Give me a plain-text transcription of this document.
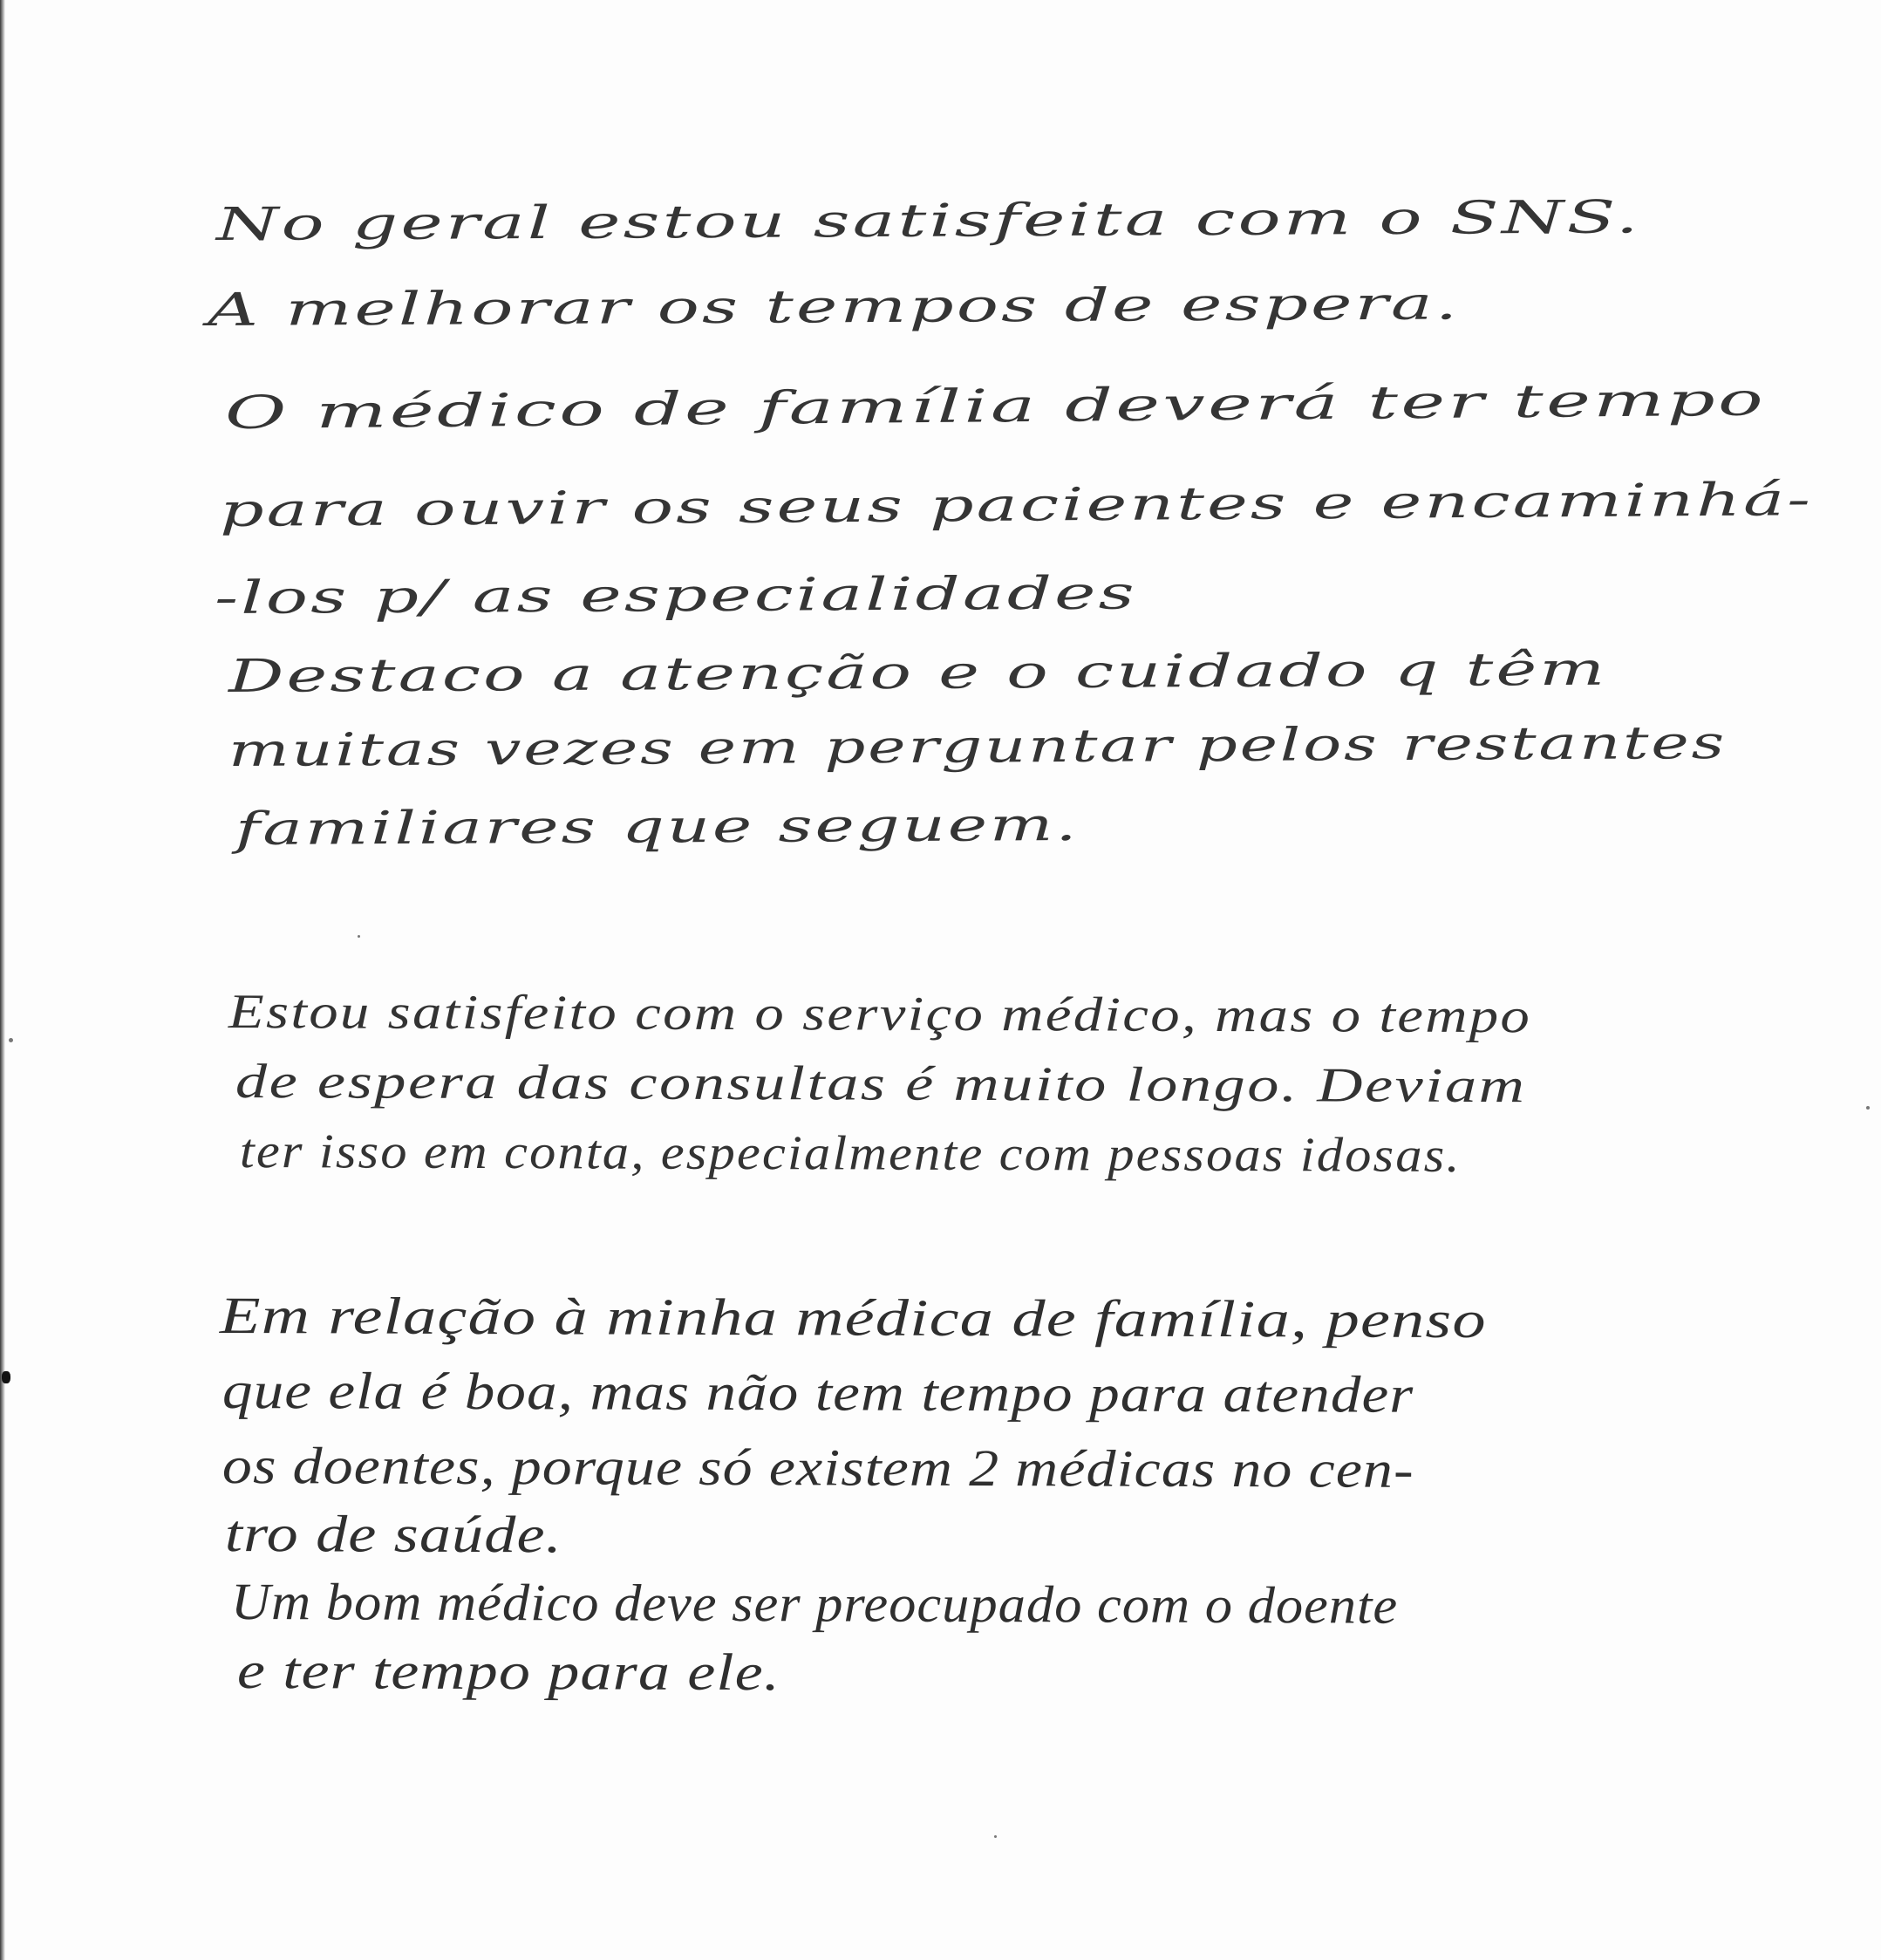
No geral estou satisfeita com o SNS.

A melhorar os tempos de espera.

O médico de família deverá ter tempo

para ouvir os seus pacientes e encaminhá-

-los p/ as especialidades

Destaco a atenção e o cuidado q têm

muitas vezes em perguntar pelos restantes

familiares que seguem.

Estou satisfeito com o serviço médico, mas o tempo

de espera das consultas é muito longo. Deviam

ter isso em conta, especialmente com pessoas idosas.

Em relação à minha médica de família, penso

que ela é boa, mas não tem tempo para atender

os doentes, porque só existem 2 médicas no cen-

tro de saúde.

Um bom médico deve ser preocupado com o doente

e ter tempo para ele.
